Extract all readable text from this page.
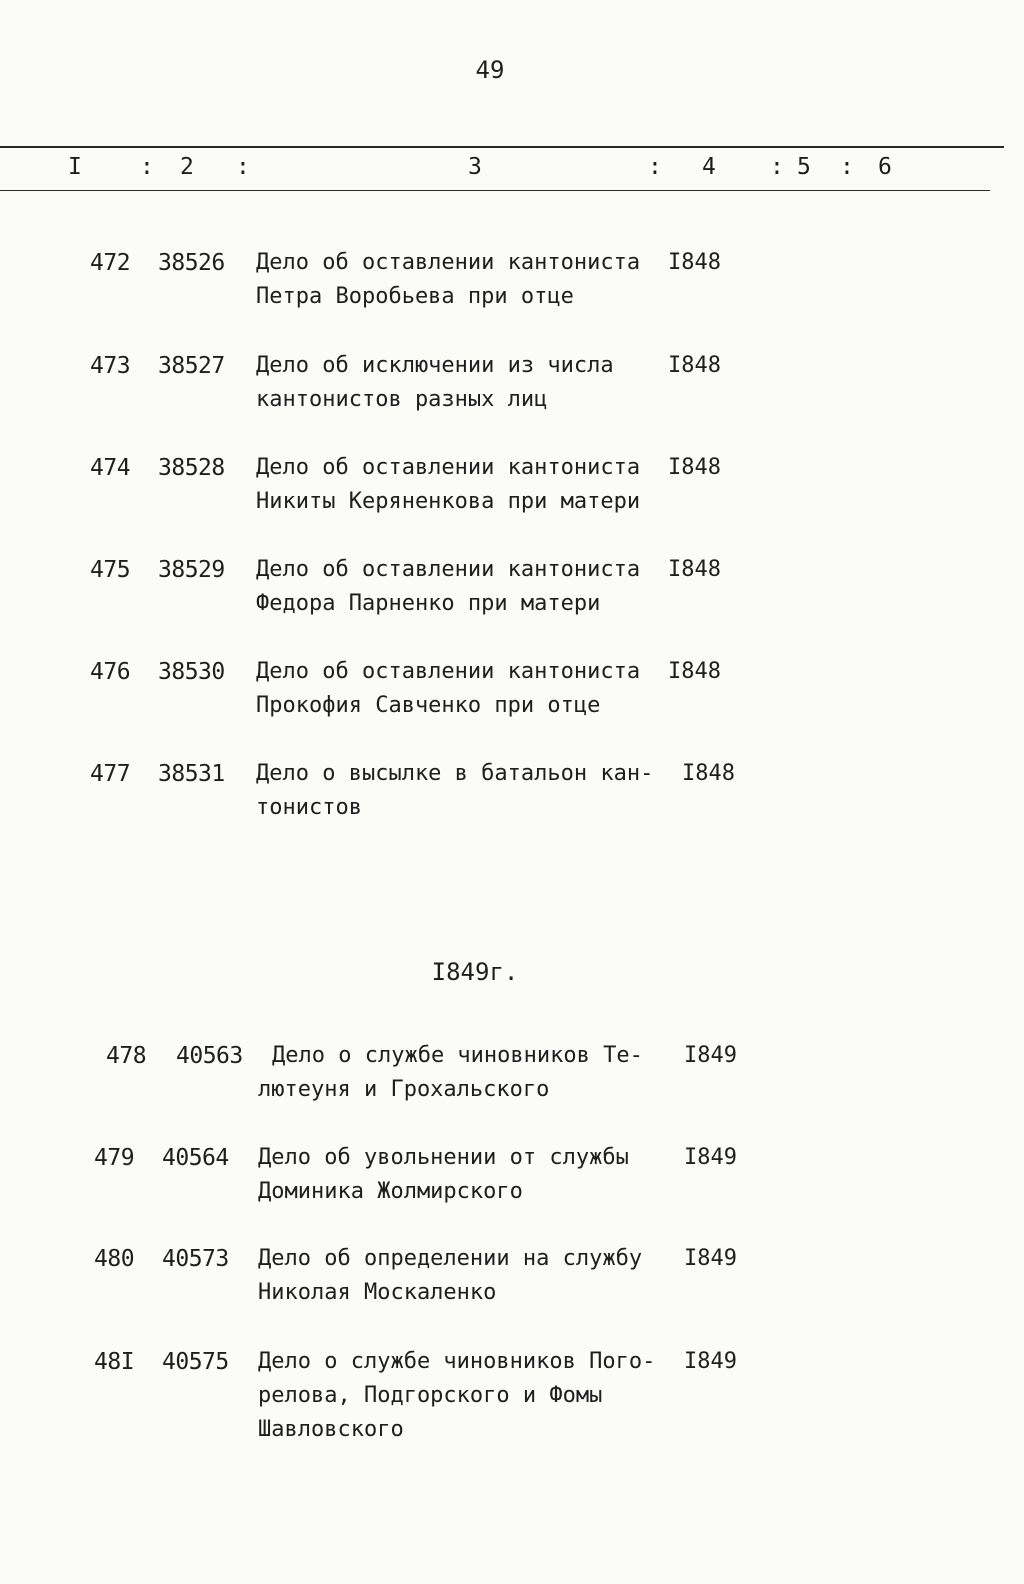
49
I	: 2 :	3	: 4 : 5 : 6
472 38526 Дело об оставлении кантониста
Петра Воробьева при отце
I848
473 38527 Дело об исключении из числа
кантонистов разных лиц
I848
474 38528 Дело об оставлении кантониста
Никиты Керяненкова при матери
I848
475 38529 Дело об оставлении кантониста
Федора Парненко при матери
I848
476 38530 Дело об оставлении кантониста
Прокофия Савченко при отце
I848
477 38531 Дело о высылке в батальон кан-
тонистов
I848
I849г.
478 40563 Дело о службе чиновников Те-
лютеуня и Грохальского
I849
479 40564 Дело об увольнении от службы
Доминика Жолмирского
I849
480 40573 Дело об определении на службу
Николая Москаленко
I849
48I 40575 Дело о службе чиновников Пого-
релова, Подгорского и Фомы
Шавловского
I849
